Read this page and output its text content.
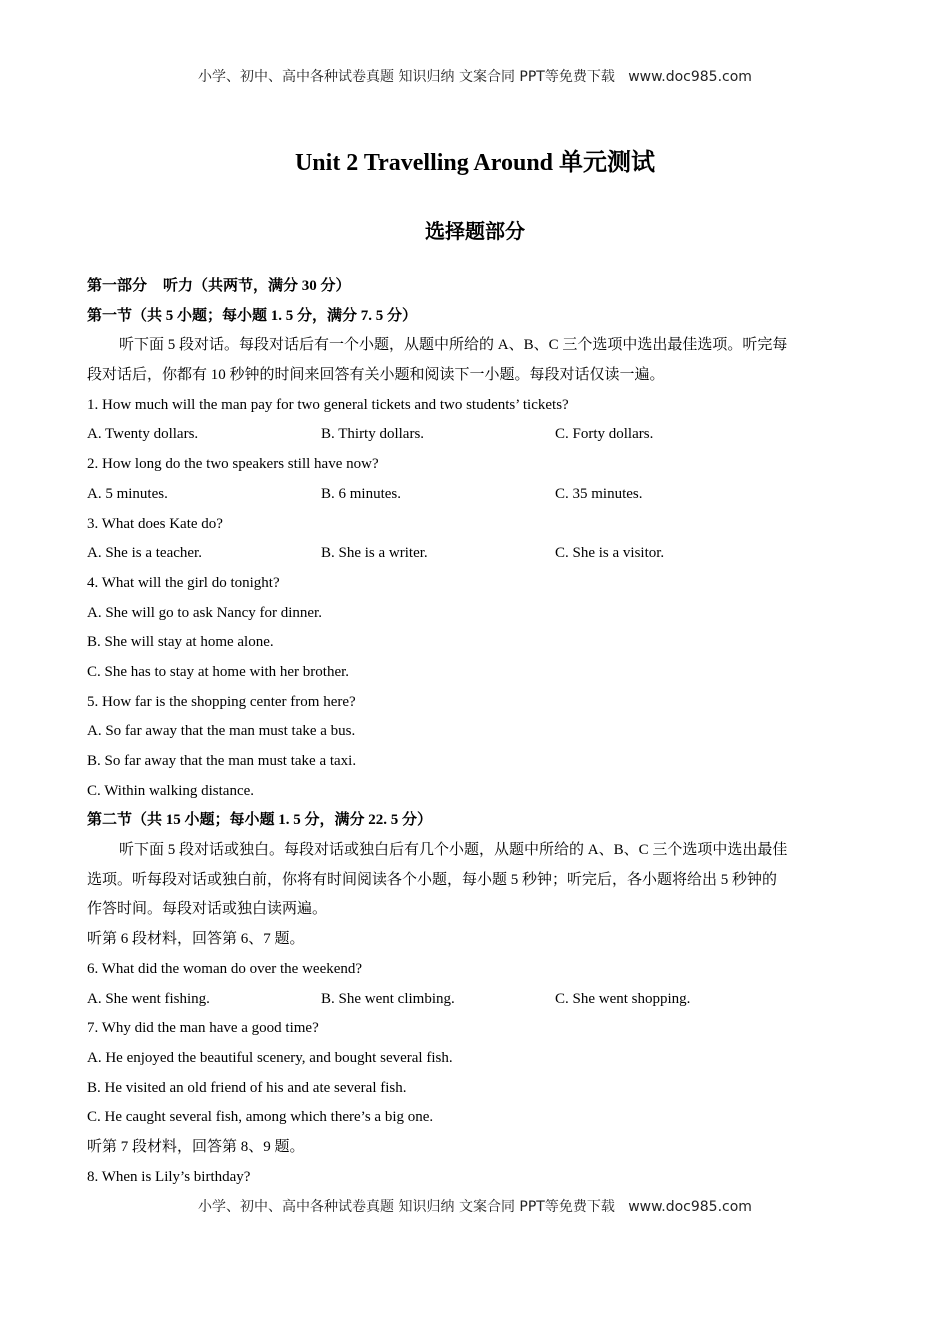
小学、初中、高中各种试卷真题 知识归纳 文案合同 PPT等免费下载 www.doc985.com
Unit 2 Travelling Around 单元测试
选择题部分
第一部分 听力（共两节，满分 30 分）
第一节（共 5 小题；每小题 1. 5 分，满分 7. 5 分）
听下面 5 段对话。每段对话后有一个小题，从题中所给的 A、B、C 三个选项中选出最佳选项。听完每
段对话后，你都有 10 秒钟的时间来回答有关小题和阅读下一小题。每段对话仅读一遍。
1. How much will the man pay for two general tickets and two students’ tickets?
A. Twenty dollars.	B. Thirty dollars.	C. Forty dollars.
2. How long do the two speakers still have now?
A. 5 minutes.	B. 6 minutes.	C. 35 minutes.
3. What does Kate do?
A. She is a teacher.	B. She is a writer.	C. She is a visitor.
4. What will the girl do tonight?
A. She will go to ask Nancy for dinner.
B. She will stay at home alone.
C. She has to stay at home with her brother.
5. How far is the shopping center from here?
A. So far away that the man must take a bus.
B. So far away that the man must take a taxi.
C. Within walking distance.
第二节（共 15 小题；每小题 1. 5 分，满分 22. 5 分）
听下面 5 段对话或独白。每段对话或独白后有几个小题，从题中所给的 A、B、C 三个选项中选出最佳
选项。听每段对话或独白前，你将有时间阅读各个小题，每小题 5 秒钟；听完后，各小题将给出 5 秒钟的
作答时间。每段对话或独白读两遍。
听第 6 段材料，回答第 6、7 题。
6. What did the woman do over the weekend?
A. She went fishing.	B. She went climbing.	C. She went shopping.
7. Why did the man have a good time?
A. He enjoyed the beautiful scenery, and bought several fish.
B. He visited an old friend of his and ate several fish.
C. He caught several fish, among which there’s a big one.
听第 7 段材料，回答第 8、9 题。
8. When is Lily’s birthday?
小学、初中、高中各种试卷真题 知识归纳 文案合同 PPT等免费下载 www.doc985.com
